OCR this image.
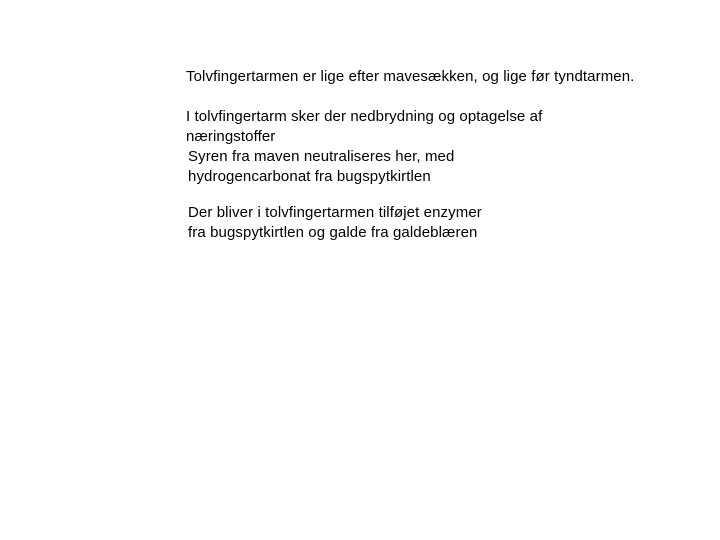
Tolvfingertarmen er lige efter mavesækken, og lige før tyndtarmen.
I tolvfingertarm sker der nedbrydning og optagelse af
næringstoffer
Syren fra maven neutraliseres her, med
hydrogencarbonat fra bugspytkirtlen
Der bliver i tolvfingertarmen tilføjet enzymer
fra bugspytkirtlen og galde fra galdeblæren
